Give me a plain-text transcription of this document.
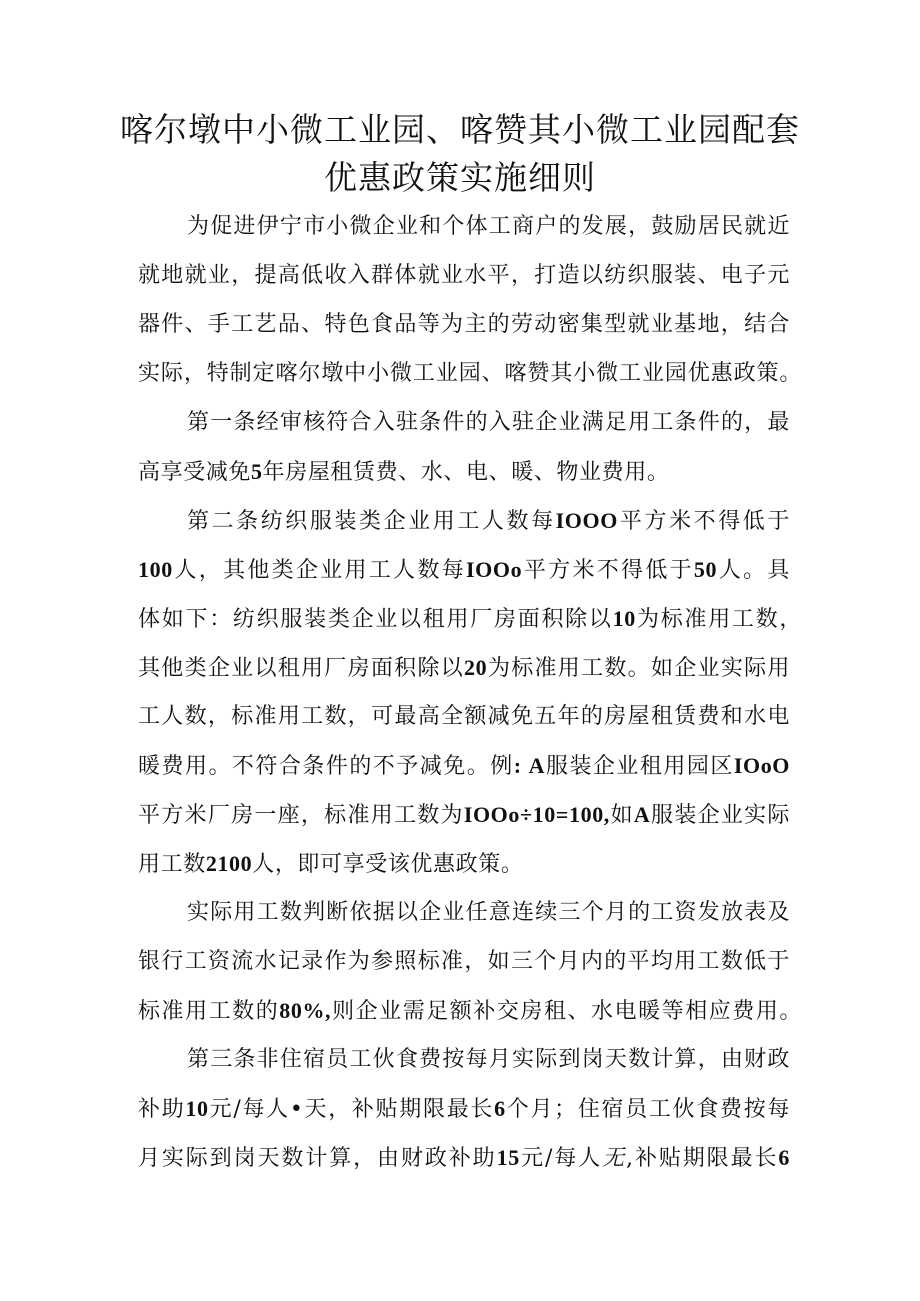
喀尔墩中小微工业园、喀赞其小微工业园配套
优惠政策实施细则
为促进伊宁市小微企业和个体工商户的发展，鼓励居民就近
就地就业，提高低收入群体就业水平，打造以纺织服装、电子元
器件、手工艺品、特色食品等为主的劳动密集型就业基地，结合
实际，特制定喀尔墩中小微工业园、喀赞其小微工业园优惠政策。
第一条经审核符合入驻条件的入驻企业满足用工条件的，最
高享受减免5年房屋租赁费、水、电、暖、物业费用。
第二条纺织服装类企业用工人数每IOOO平方米不得低于
100人，其他类企业用工人数每IOOo平方米不得低于50人。具
体如下：纺织服装类企业以租用厂房面积除以10为标准用工数，
其他类企业以租用厂房面积除以20为标准用工数。如企业实际用
工人数，标准用工数，可最高全额减免五年的房屋租赁费和水电
暖费用。不符合条件的不予减免。例: A服装企业租用园区IOoO
平方米厂房一座，标准用工数为IOOo÷10=100,如A服装企业实际
用工数2100人，即可享受该优惠政策。
实际用工数判断依据以企业任意连续三个月的工资发放表及
银行工资流水记录作为参照标准，如三个月内的平均用工数低于
标准用工数的80%,则企业需足额补交房租、水电暖等相应费用。
第三条非住宿员工伙食费按每月实际到岗天数计算，由财政
补助10元/每人•天，补贴期限最长6个月；住宿员工伙食费按每
月实际到岗天数计算，由财政补助15元/每人无,补贴期限最长6
